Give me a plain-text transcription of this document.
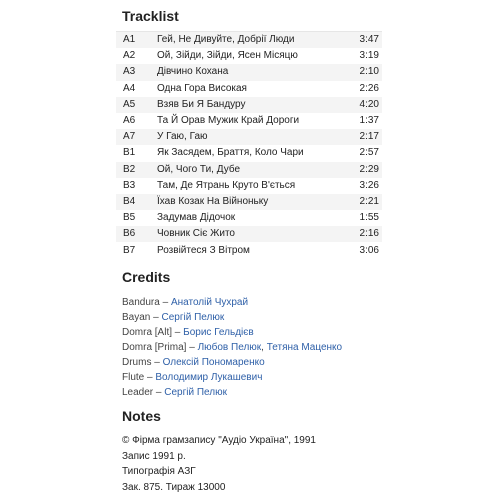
Tracklist
A1	Гей, Не Дивуйте, Добрії Люди	3:47
A2	Ой, Зійди, Зійди, Ясен Місяцю	3:19
A3	Дівчино Кохана	2:10
A4	Одна Гора Високая	2:26
A5	Взяв Би Я Бандуру	4:20
A6	Та Й Орав Мужик Край Дороги	1:37
A7	У Гаю, Гаю	2:17
B1	Як Засядем, Браття, Коло Чари	2:57
B2	Ой, Чого Ти, Дубе	2:29
B3	Там, Де Ятрань Круто В'ється	3:26
B4	Їхав Козак На Війноньку	2:21
B5	Задумав Дідочок	1:55
B6	Човник Сіє Жито	2:16
B7	Розвійтеся З Вітром	3:06
Credits
Bandura – Анатолій Чухрай
Bayan – Сергій Пелюк
Domra [Alt] – Борис Гельдієв
Domra [Prima] – Любов Пелюк, Тетяна Маценко
Drums – Олексій Пономаренко
Flute – Володимир Лукашевич
Leader – Сергій Пелюк
Notes
© Фірма грамзапису "Аудіо Україна", 1991
Запис 1991 р.
Типографія АЗГ
Зак. 875. Тираж 13000
